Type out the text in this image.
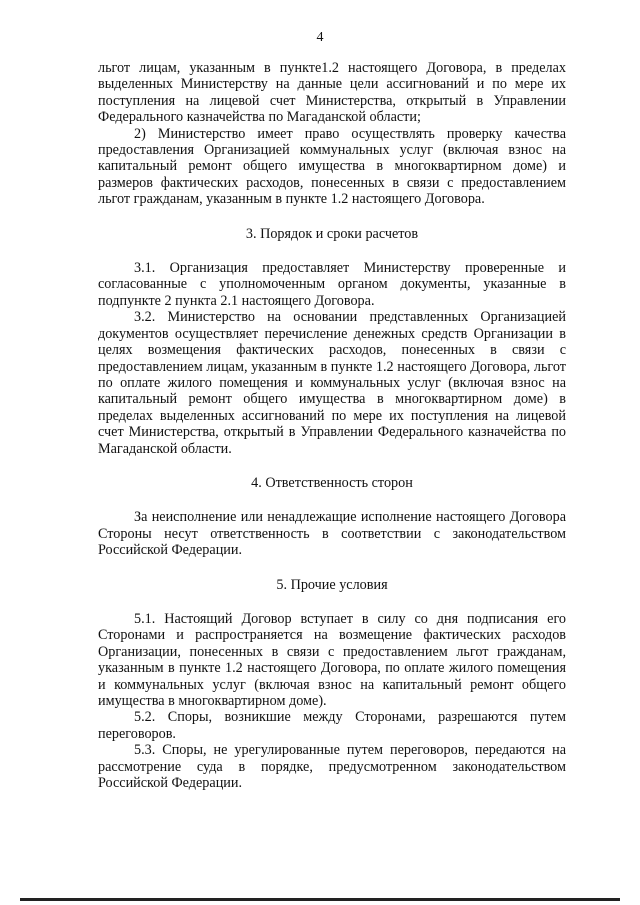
4

льгот лицам, указанным в пункте1.2 настоящего Договора, в пределах выделенных Министерству на данные цели ассигнований и по мере их поступления на лицевой счет Министерства, открытый в Управлении Федерального казначейства по Магаданской области;

2) Министерство имеет право осуществлять проверку качества предоставления Организацией коммунальных услуг (включая взнос на капитальный ремонт общего имущества в многоквартирном доме) и размеров фактических расходов, понесенных в связи с предоставлением льгот гражданам, указанным в пункте 1.2 настоящего Договора.

3. Порядок и сроки расчетов

3.1. Организация предоставляет Министерству проверенные и согласованные с уполномоченным органом документы, указанные в подпункте 2 пункта 2.1 настоящего Договора.

3.2. Министерство на основании представленных Организацией документов осуществляет перечисление денежных средств Организации в целях возмещения фактических расходов, понесенных в связи с предоставлением лицам, указанным в пункте 1.2 настоящего Договора, льгот по оплате жилого помещения и коммунальных услуг (включая взнос на капитальный ремонт общего имущества в многоквартирном доме) в пределах выделенных ассигнований по мере их поступления на лицевой счет Министерства, открытый в Управлении Федерального казначейства по Магаданской области.

4. Ответственность сторон

За неисполнение или ненадлежащие исполнение настоящего Договора Стороны несут ответственность в соответствии с законодательством Российской Федерации.

5. Прочие условия

5.1. Настоящий Договор вступает в силу со дня подписания его Сторонами и распространяется на возмещение фактических расходов Организации, понесенных в связи с предоставлением льгот гражданам, указанным в пункте 1.2 настоящего Договора, по оплате жилого помещения и коммунальных услуг (включая взнос на капитальный ремонт общего имущества в многоквартирном доме).

5.2. Споры, возникшие между Сторонами, разрешаются путем переговоров.

5.3. Споры, не урегулированные путем переговоров, передаются на рассмотрение суда в порядке, предусмотренном законодательством Российской Федерации.
